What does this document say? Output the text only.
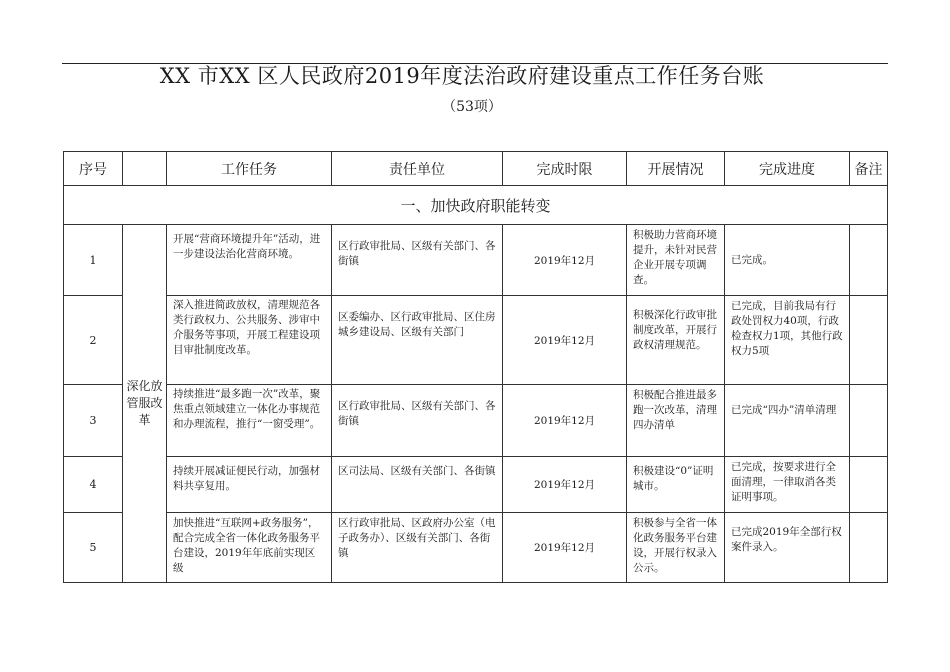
XX 市XX 区人民政府2019年度法治政府建设重点工作任务台账
（53项）
序号		工作任务	责任单位	完成时限	开展情况	完成进度	备注
一、加快政府职能转变							
1	深化放管服改革	开展“营商环境提升年”活动，进一步建设法治化营商环境。	区行政审批局、区级有关部门、各街镇	2019年12月	积极助力营商环境提升，未针对民营企业开展专项调查。	已完成。	
2		深入推进简政放权，清理规范各类行政权力、公共服务、涉审中介服务等事项，开展工程建设项目审批制度改革。	区委编办、区行政审批局、区住房城乡建设局、区级有关部门	2019年12月	积极深化行政审批制度改革，开展行政权清理规范。	已完成，目前我局有行政处罚权力40项，行政检查权力1项，其他行政权力5项	
3		持续推进“最多跑一次”改革，聚焦重点领域建立一体化办事规范和办理流程，推行“一窗受理”。	区行政审批局、区级有关部门、各街镇	2019年12月	积极配合推进最多跑一次改革，清理四办清单	已完成“四办”清单清理	
4		持续开展减证便民行动，加强材料共享复用。	区司法局、区级有关部门、各街镇	2019年12月	积极建设“0”证明城市。	已完成，按要求进行全面清理，一律取消各类证明事项。	
5		加快推进“互联网+政务服务”，配合完成全省一体化政务服务平台建设，2019年年底前实现区级	区行政审批局、区政府办公室（电子政务办）、区级有关部门、各街镇	2019年12月	积极参与全省一体化政务服务平台建设，开展行权录入公示。	已完成2019年全部行权案件录入。	
